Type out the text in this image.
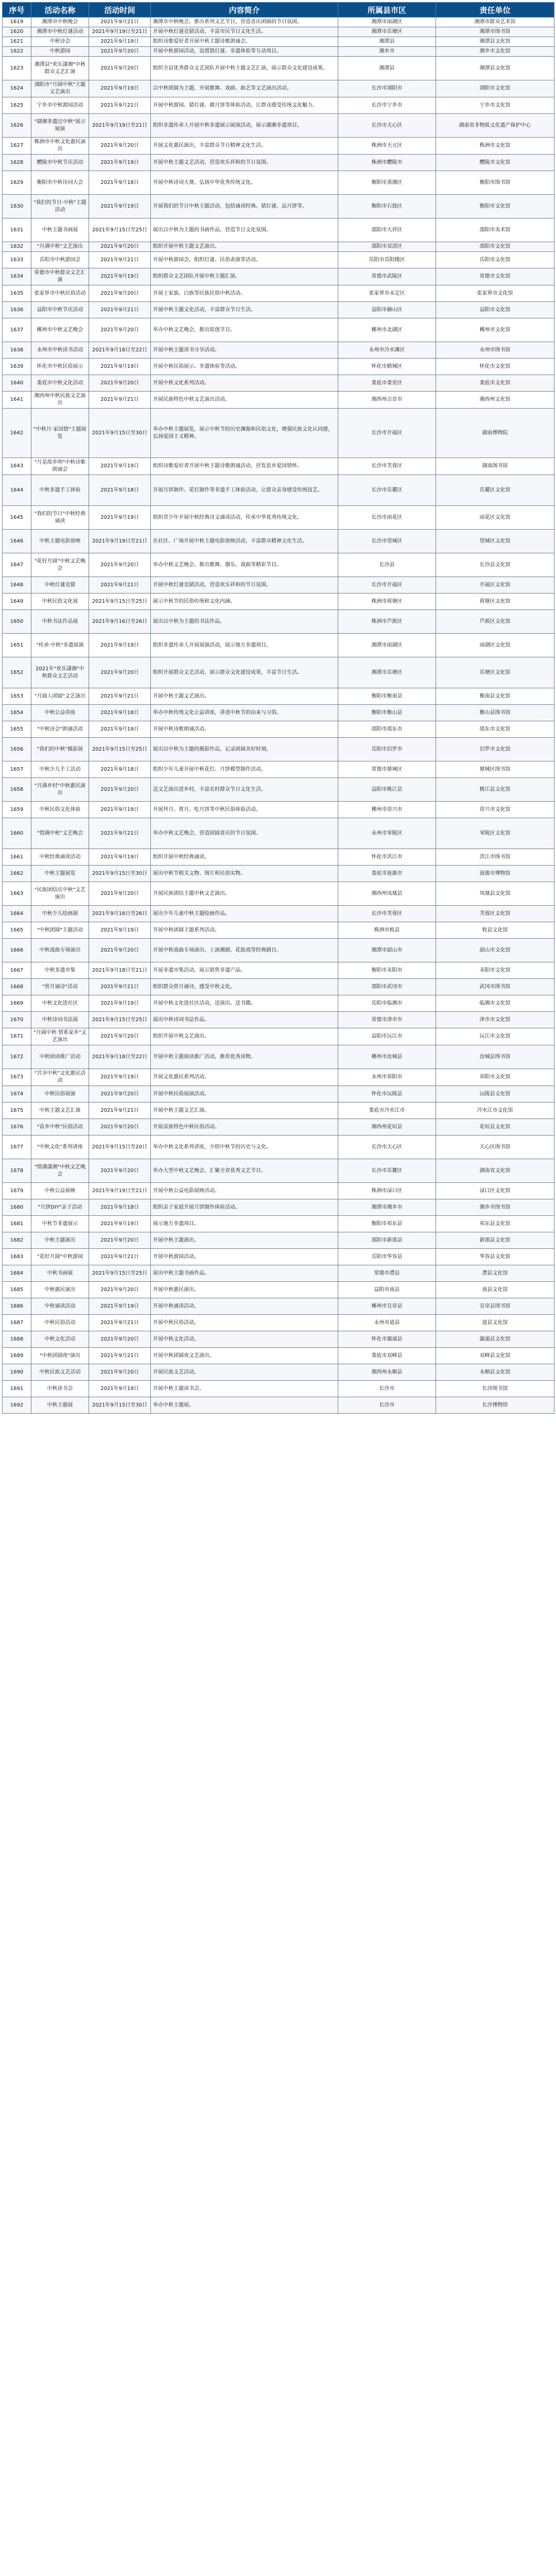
序号	活动名称	活动时间	内容简介	所属县市区	责任单位
1619	湘潭市中秋晚会	2021年9月21日	湘潭市中秋晚会，推出系列文艺节目，营造喜庆团圆的节日氛围。	湘潭市雨湖区	湘潭市群众艺术馆
1620	湘潭市中秋灯谜活动	2021年9月19日至21日	开展中秋灯谜竞猜活动，丰富市民节日文化生活。	湘潭市岳塘区	湘潭市图书馆
1621	中秋诗会	2021年9月19日	组织诗歌爱好者开展中秋主题诗歌朗诵会。	湘潭县	湘潭县文化馆
1622	中秋游园	2021年9月20日	开展中秋游园活动，设置猜灯谜、非遗体验等互动项目。	湘乡市	湘乡市文化馆
1623	湘潭县"欢乐潇湘"中秋群众文艺汇演	2021年9月20日	组织全县优秀群众文艺团队开展中秋主题文艺汇演，展示群众文化建设成果。	湘潭县	湘潭县文化馆
1624	浏阳市"月圆中秋"主题文艺演出	2021年9月19日	以中秋团圆为主题，开展歌舞、戏曲、曲艺等文艺演出活动。	长沙市浏阳市	浏阳市文化馆
1625	宁乡市中秋游园活动	2021年9月21日	开展中秋游园、猜灯谜、做月饼等体验活动，让群众感受传统文化魅力。	长沙市宁乡市	宁乡市文化馆
1626	"湖湘非遗过中秋"展示展演	2021年9月19日至21日	组织非遗传承人开展中秋非遗展示展演活动，展示湖湘非遗项目。	长沙市天心区	湖南省非物质文化遗产保护中心
1627	株洲市中秋文化惠民演出	2021年9月20日	开展文化惠民演出，丰富群众节日精神文化生活。	株洲市天元区	株洲市文化馆
1628	醴陵市中秋节庆活动	2021年9月19日	开展中秋主题文艺活动，营造欢乐祥和的节日氛围。	株洲市醴陵市	醴陵市文化馆
1629	衡阳市中秋诗词大会	2021年9月18日	开展中秋诗词大赛，弘扬中华优秀传统文化。	衡阳市蒸湘区	衡阳市图书馆
1630	"我们的节日·中秋"主题活动	2021年9月19日	开展我们的节日中秋主题活动，包括诵读经典、猜灯谜、品月饼等。	衡阳市石鼓区	衡阳市文化馆
1631	中秋主题书画展	2021年9月15日至25日	展出以中秋为主题的书画作品，营造节日文化氛围。	邵阳市大祥区	邵阳市美术馆
1632	"月满中秋"文艺演出	2021年9月20日	组织开展中秋主题文艺演出。	邵阳市双清区	邵阳市文化馆
1633	岳阳市中秋游园会	2021年9月21日	开展中秋游园会，组织灯谜、民俗表演等活动。	岳阳市岳阳楼区	岳阳市文化馆
1634	常德市中秋群众文艺汇演	2021年9月19日	组织群众文艺团队开展中秋主题汇演。	常德市武陵区	常德市文化馆
1635	张家界市中秋民俗活动	2021年9月20日	开展土家族、白族等民族民俗中秋活动。	张家界市永定区	张家界市文化馆
1636	益阳市中秋节庆活动	2021年9月21日	开展中秋主题文化活动，丰富群众节日生活。	益阳市赫山区	益阳市文化馆
1637	郴州市中秋文艺晚会	2021年9月20日	举办中秋文艺晚会，推出原创节目。	郴州市北湖区	郴州市文化馆
1638	永州市中秋读书活动	2021年9月18日至22日	开展中秋主题读书分享活动。	永州市冷水滩区	永州市图书馆
1639	怀化市中秋民俗展示	2021年9月19日	开展中秋民俗展示、非遗体验等活动。	怀化市鹤城区	怀化市文化馆
1640	娄底市中秋文化活动	2021年9月20日	开展中秋文化系列活动。	娄底市娄星区	娄底市文化馆
1641	湘西州中秋民族文艺演出	2021年9月21日	开展民族特色中秋文艺演出活动。	湘西州吉首市	湘西州文化馆
1642	"中秋月·家国情"主题展览	2021年9月15日至30日	举办中秋主题展览，展示中秋节的历史渊源和民俗文化，增强民族文化认同感，弘扬爱国主义精神。	长沙市开福区	湖南博物院
1643	"月是故乡明"中秋诗歌朗诵会	2021年9月19日	组织诗歌爱好者开展中秋主题诗歌朗诵活动，抒发思乡爱国情怀。	长沙市芙蓉区	湖南图书馆
1644	中秋非遗手工体验	2021年9月18日	开展月饼制作、花灯制作等非遗手工体验活动，让群众亲身感受传统技艺。	长沙市岳麓区	岳麓区文化馆
1645	"我们的节日"中秋经典诵读	2021年9月19日	组织青少年开展中秋经典诗文诵读活动，传承中华优秀传统文化。	长沙市雨花区	雨花区文化馆
1646	中秋主题电影放映	2021年9月19日至21日	在社区、广场开展中秋主题电影放映活动，丰富群众精神文化生活。	长沙市望城区	望城区文化馆
1647	"花好月圆"中秋文艺晚会	2021年9月20日	举办中秋文艺晚会，推出歌舞、器乐、戏曲等精彩节目。	长沙县	长沙县文化馆
1648	中秋灯谜竞猜	2021年9月21日	开展中秋灯谜竞猜活动，营造欢乐祥和的节日氛围。	长沙市开福区	开福区文化馆
1649	中秋民俗文化展	2021年9月15日至25日	展示中秋节的民俗传统和文化内涵。	株洲市荷塘区	荷塘区文化馆
1650	中秋书法作品展	2021年9月16日至26日	展出以中秋为主题的书法作品。	株洲市芦淞区	芦淞区文化馆
1651	"传承·中秋"非遗展演	2021年9月19日	组织非遗传承人开展展演活动，展示地方非遗项目。	湘潭市雨湖区	雨湖区文化馆
1652	2021年"欢乐潇湘"中秋群众文艺活动	2021年9月20日	组织开展群众文艺活动，展示群众文化建设成果，丰富节日生活。	湘潭市岳塘区	岳塘区文化馆
1653	"月圆人团圆"文艺演出	2021年9月21日	开展中秋主题文艺演出。	衡阳市衡南县	衡南县文化馆
1654	中秋公益讲座	2021年9月18日	举办中秋传统文化公益讲座，讲述中秋节的由来与习俗。	衡阳市衡山县	衡山县图书馆
1655	"中秋诗会"朗诵活动	2021年9月19日	开展中秋诗歌朗诵活动。	邵阳市邵东市	邵东市文化馆
1656	"我们的中秋"摄影展	2021年9月15日至25日	展出以中秋为主题的摄影作品，记录团圆美好时刻。	岳阳市汨罗市	汨罗市文化馆
1657	中秋少儿手工活动	2021年9月18日	组织少年儿童开展中秋花灯、月饼模型制作活动。	常德市鼎城区	鼎城区图书馆
1658	"月满乡村"中秋惠民演出	2021年9月20日	送文艺演出进乡村，丰富农村群众节日文化生活。	益阳市桃江县	桃江县文化馆
1659	中秋民俗文化体验	2021年9月19日	开展拜月、赏月、吃月饼等中秋民俗体验活动。	郴州市资兴市	资兴市文化馆
1660	"情满中秋"文艺晚会	2021年9月21日	举办中秋文艺晚会，营造团圆喜庆的节日氛围。	永州市零陵区	零陵区文化馆
1661	中秋经典诵读活动	2021年9月19日	组织开展中秋经典诵读。	怀化市洪江市	洪江市图书馆
1662	中秋主题展览	2021年9月15日至30日	展出中秋节相关文物、图片和民俗实物。	娄底市涟源市	涟源市博物馆
1663	"民族团结庆中秋"文艺演出	2021年9月20日	开展民族团结主题中秋文艺演出。	湘西州凤凰县	凤凰县文化馆
1664	中秋少儿绘画展	2021年9月16日至26日	展出少年儿童中秋主题绘画作品。	长沙市芙蓉区	芙蓉区文化馆
1665	"中秋团圆"主题活动	2021年9月19日	开展中秋团圆主题系列活动。	株洲市攸县	攸县文化馆
1666	中秋戏曲专场演出	2021年9月20日	开展中秋戏曲专场演出，上演湘剧、花鼓戏等经典剧目。	湘潭市韶山市	韶山市文化馆
1667	中秋非遗市集	2021年9月18日至21日	开展非遗市集活动，展示销售非遗产品。	衡阳市耒阳市	耒阳市文化馆
1668	"赏月诵诗"活动	2021年9月21日	组织群众赏月诵诗，感受中秋文化。	邵阳市武冈市	武冈市图书馆
1669	中秋文化进社区	2021年9月19日	开展中秋文化进社区活动，送演出、送书籍。	岳阳市临湘市	临湘市文化馆
1670	中秋诗词书法展	2021年9月15日至25日	展出中秋诗词书法作品。	常德市津市市	津市市文化馆
1671	"月圆中秋·情系家乡"文艺演出	2021年9月20日	组织开展中秋文艺演出。	益阳市沅江市	沅江市文化馆
1672	中秋阅读推广活动	2021年9月18日至22日	开展中秋主题阅读推广活动，推荐优秀读物。	郴州市汝城县	汝城县图书馆
1673	"共享中秋"文化惠民活动	2021年9月19日	开展文化惠民系列活动。	永州市祁阳市	祁阳市文化馆
1674	中秋民俗展演	2021年9月20日	开展中秋民俗展演活动。	怀化市沅陵县	沅陵县文化馆
1675	中秋主题文艺汇演	2021年9月21日	开展中秋主题文艺汇演。	娄底市冷水江市	冷水江市文化馆
1676	"苗乡中秋"民俗活动	2021年9月20日	开展苗族特色中秋民俗活动。	湘西州花垣县	花垣县文化馆
1677	"中秋文化"系列讲座	2021年9月15日至20日	举办中秋文化系列讲座，介绍中秋节的历史与文化。	长沙市天心区	天心区图书馆
1678	"情满潇湘"中秋文艺晚会	2021年9月20日	举办大型中秋文艺晚会，汇聚全省优秀文艺节目。	长沙市岳麓区	湖南省文化馆
1679	中秋公益展映	2021年9月19日至21日	开展中秋公益电影展映活动。	株洲市渌口区	渌口区文化馆
1680	"月饼DIY"亲子活动	2021年9月18日	组织亲子家庭开展月饼制作体验活动。	湘潭市湘乡市	湘乡市图书馆
1681	中秋节非遗展示	2021年9月19日	展示地方非遗项目。	衡阳市祁东县	祁东县文化馆
1682	中秋主题演出	2021年9月20日	开展中秋主题演出。	邵阳市新邵县	新邵县文化馆
1683	"花好月圆"中秋游园	2021年9月21日	开展中秋游园活动。	岳阳市华容县	华容县文化馆
1684	中秋书画展	2021年9月15日至25日	展出中秋主题书画作品。	常德市澧县	澧县文化馆
1685	中秋惠民演出	2021年9月20日	开展中秋惠民演出。	益阳市南县	南县文化馆
1686	中秋诵读活动	2021年9月19日	开展中秋诵读活动。	郴州市宜章县	宜章县图书馆
1687	中秋民俗活动	2021年9月21日	开展中秋民俗活动。	永州市道县	道县文化馆
1688	中秋文化活动	2021年9月20日	开展中秋文化活动。	怀化市溆浦县	溆浦县文化馆
1689	"中秋团圆夜"演出	2021年9月21日	开展中秋团圆夜文艺演出。	娄底市双峰县	双峰县文化馆
1690	中秋民族文艺活动	2021年9月20日	开展民族文艺活动。	湘西州永顺县	永顺县文化馆
1691	中秋读书会	2021年9月19日	开展中秋主题读书会。	长沙市	长沙图书馆
1692	中秋主题展	2021年9月15日至30日	举办中秋主题展。	长沙市	长沙博物馆
